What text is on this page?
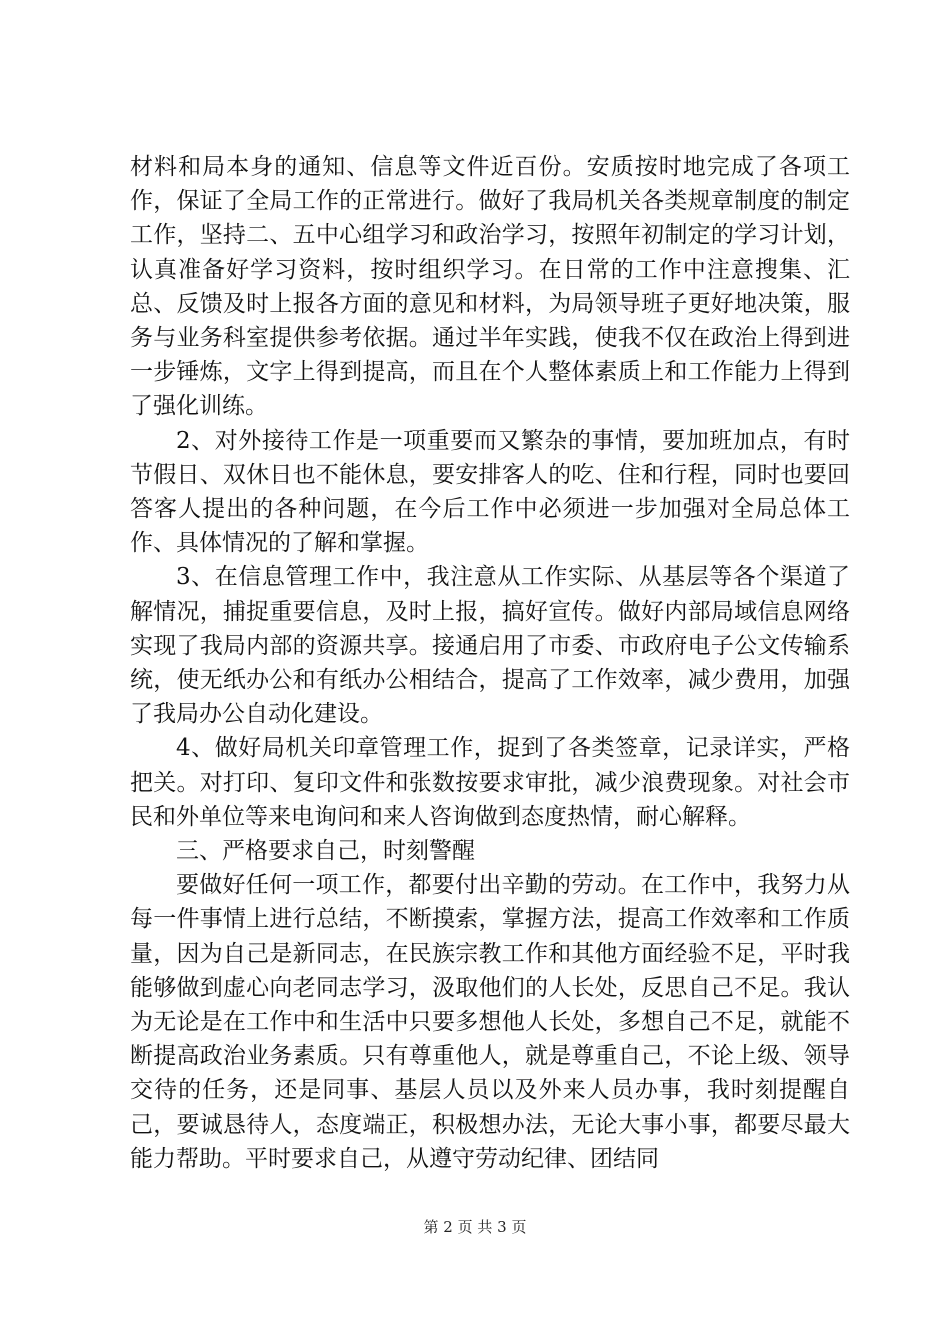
材料和局本身的通知、信息等文件近百份。安质按时地完成了各项工作，保证了全局工作的正常进行。做好了我局机关各类规章制度的制定工作，坚持二、五中心组学习和政治学习，按照年初制定的学习计划，认真准备好学习资料，按时组织学习。在日常的工作中注意搜集、汇总、反馈及时上报各方面的意见和材料，为局领导班子更好地决策，服务与业务科室提供参考依据。通过半年实践，使我不仅在政治上得到进一步锤炼，文字上得到提高，而且在个人整体素质上和工作能力上得到了强化训练。

2、对外接待工作是一项重要而又繁杂的事情，要加班加点，有时节假日、双休日也不能休息，要安排客人的吃、住和行程，同时也要回答客人提出的各种问题，在今后工作中必须进一步加强对全局总体工作、具体情况的了解和掌握。

3、在信息管理工作中，我注意从工作实际、从基层等各个渠道了解情况，捕捉重要信息，及时上报，搞好宣传。做好内部局域信息网络实现了我局内部的资源共享。接通启用了市委、市政府电子公文传输系统，使无纸办公和有纸办公相结合，提高了工作效率，减少费用，加强了我局办公自动化建设。

4、做好局机关印章管理工作，捉到了各类签章，记录详实，严格把关。对打印、复印文件和张数按要求审批，减少浪费现象。对社会市民和外单位等来电询问和来人咨询做到态度热情，耐心解释。

三、严格要求自己，时刻警醒

要做好任何一项工作，都要付出辛勤的劳动。在工作中，我努力从每一件事情上进行总结，不断摸索，掌握方法，提高工作效率和工作质量，因为自己是新同志，在民族宗教工作和其他方面经验不足，平时我能够做到虚心向老同志学习，汲取他们的人长处，反思自己不足。我认为无论是在工作中和生活中只要多想他人长处，多想自己不足，就能不断提高政治业务素质。只有尊重他人，就是尊重自己，不论上级、领导交待的任务，还是同事、基层人员以及外来人员办事，我时刻提醒自己，要诚恳待人，态度端正，积极想办法，无论大事小事，都要尽最大能力帮助。平时要求自己，从遵守劳动纪律、团结同

第 2 页 共 3 页
